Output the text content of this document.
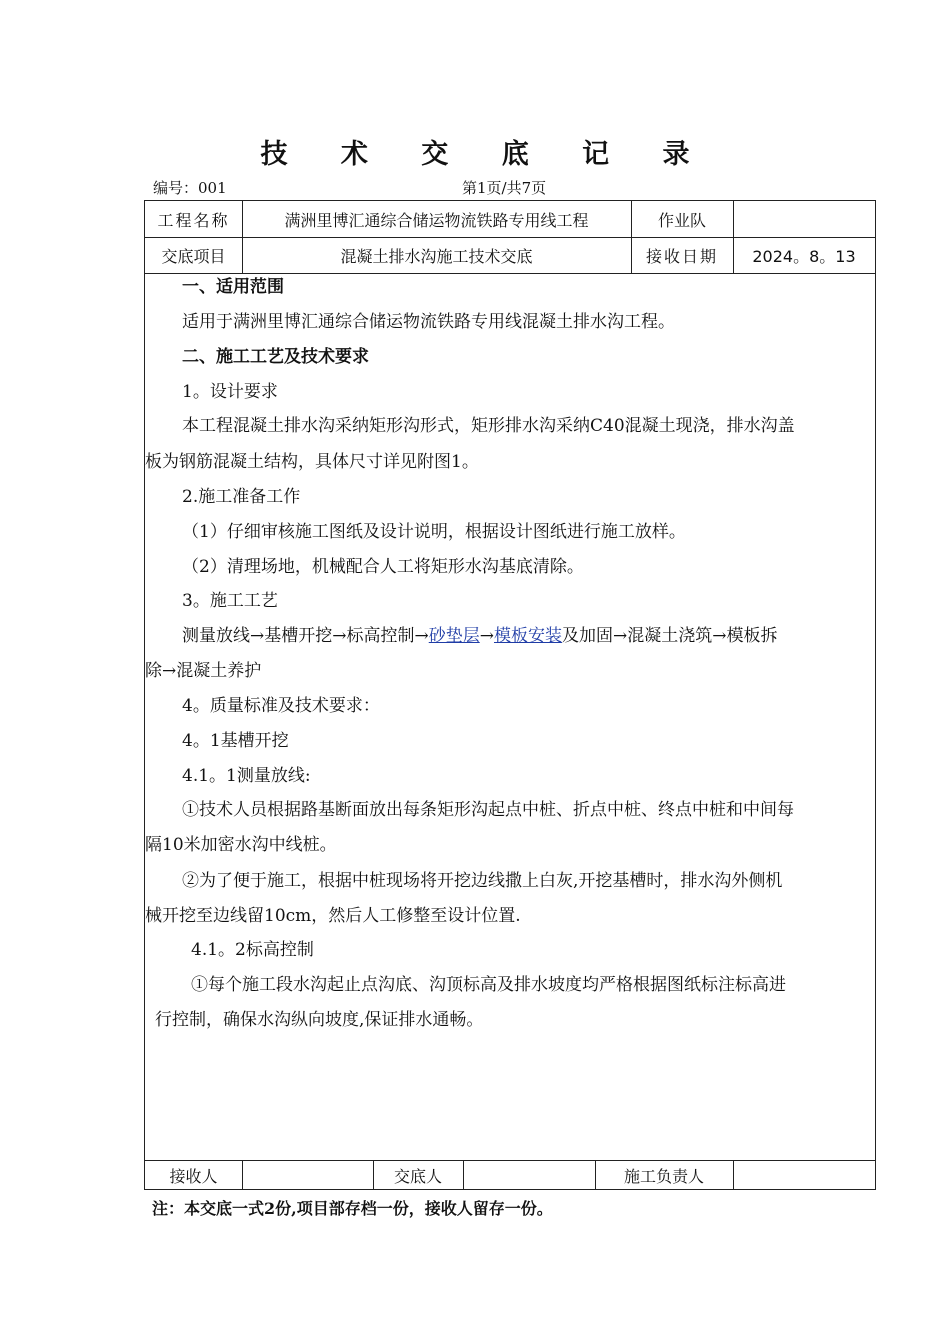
技 术 交 底 记 录
编号：001	第1页/共7页
工程名称	满洲里博汇通综合储运物流铁路专用线工程	作业队
交底项目	混凝土排水沟施工技术交底	接收日期	2024。8。13
一、适用范围
适用于满洲里博汇通综合储运物流铁路专用线混凝土排水沟工程。
二、施工工艺及技术要求
1。设计要求
本工程混凝土排水沟采纳矩形沟形式，矩形排水沟采纳C40混凝土现浇，排水沟盖
板为钢筋混凝土结构，具体尺寸详见附图1。
2.施工准备工作
（1）仔细审核施工图纸及设计说明，根据设计图纸进行施工放样。
（2）清理场地，机械配合人工将矩形水沟基底清除。
3。施工工艺
测量放线→基槽开挖→标高控制→砂垫层→模板安装及加固→混凝土浇筑→模板拆
除→混凝土养护
4。质量标准及技术要求：
4。1基槽开挖
4.1。1测量放线:
①技术人员根据路基断面放出每条矩形沟起点中桩、折点中桩、终点中桩和中间每
隔10米加密水沟中线桩。
②为了便于施工，根据中桩现场将开挖边线撒上白灰,开挖基槽时，排水沟外侧机
械开挖至边线留10cm，然后人工修整至设计位置.
4.1。2标高控制
①每个施工段水沟起止点沟底、沟顶标高及排水坡度均严格根据图纸标注标高进
行控制，确保水沟纵向坡度,保证排水通畅。
接收人	交底人	施工负责人
注：本交底一式2份,项目部存档一份，接收人留存一份。
